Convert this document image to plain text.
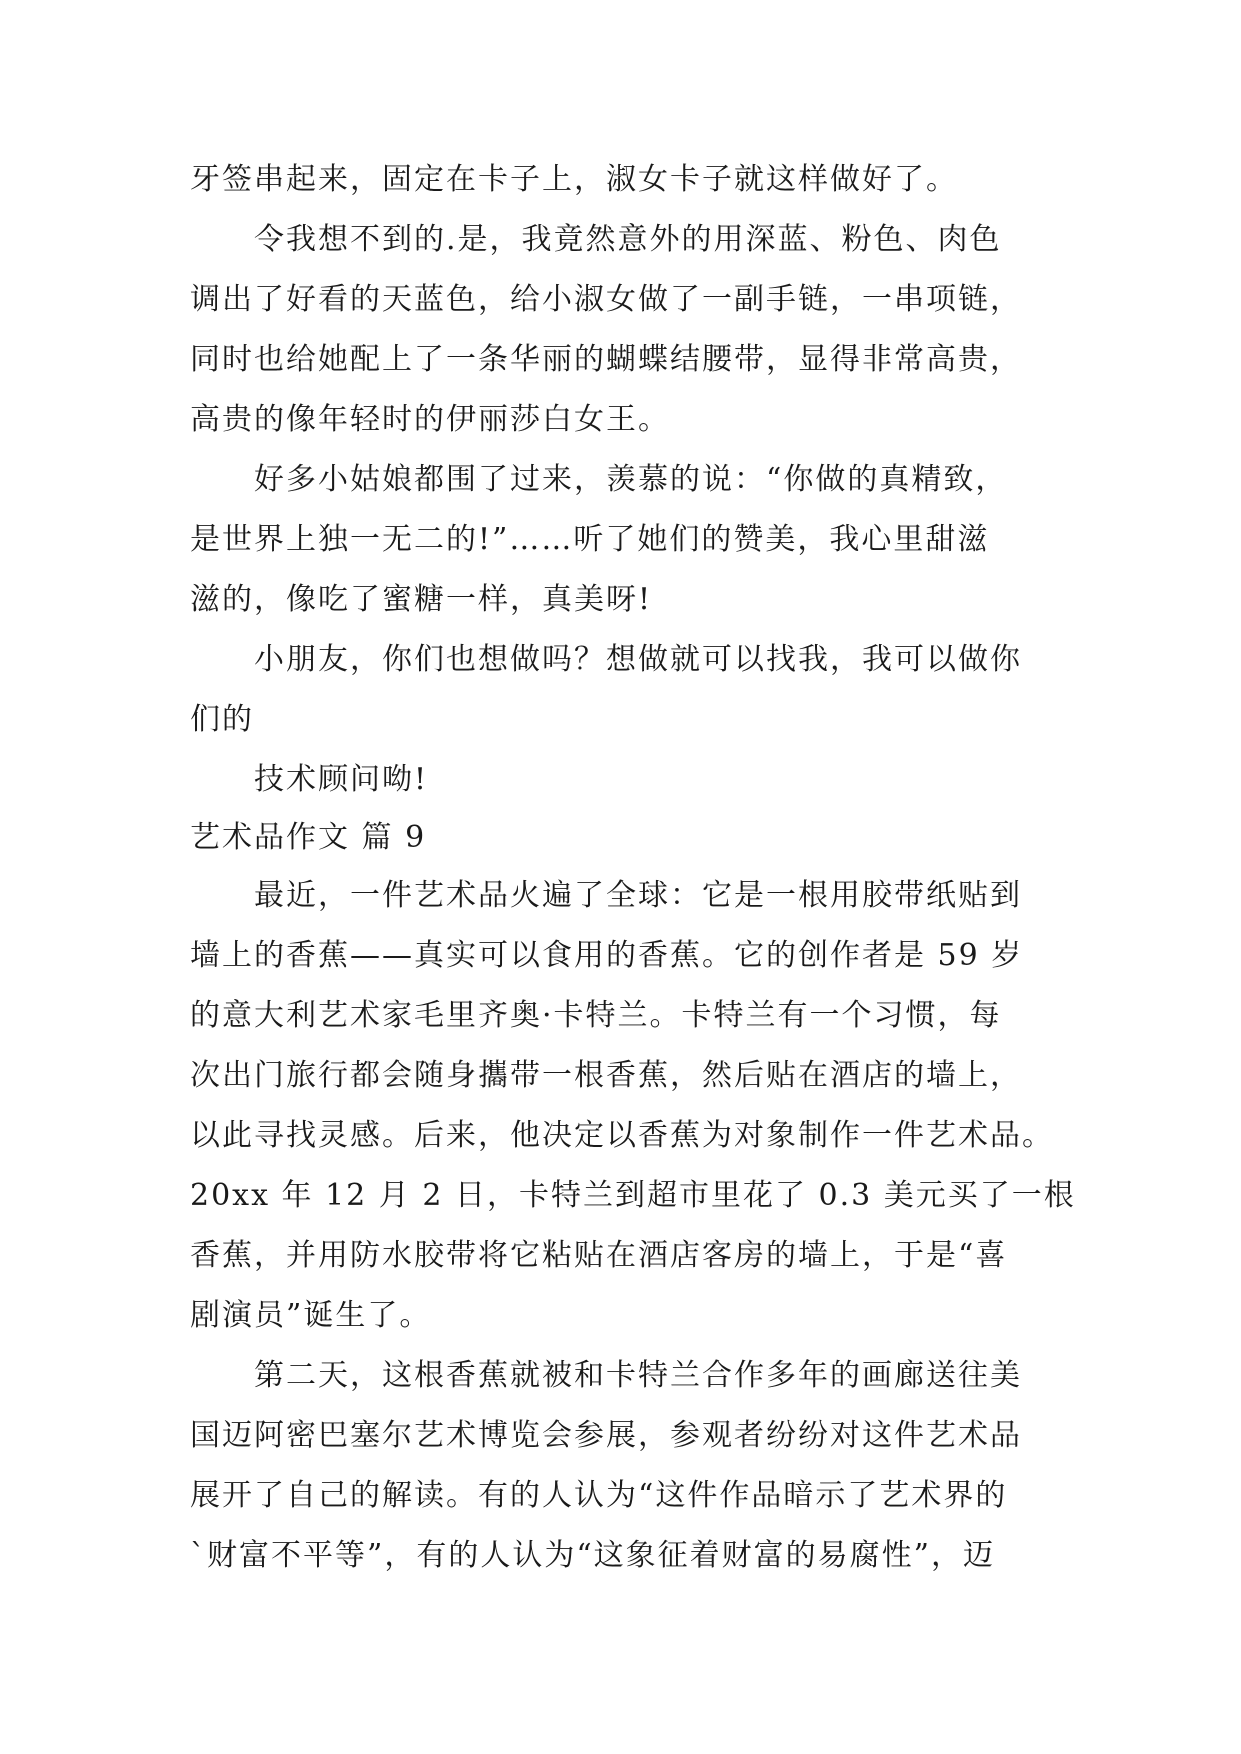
牙签串起来，固定在卡子上，淑女卡子就这样做好了。
令我想不到的.是，我竟然意外的用深蓝、粉色、肉色
调出了好看的天蓝色，给小淑女做了一副手链，一串项链，
同时也给她配上了一条华丽的蝴蝶结腰带，显得非常高贵，
高贵的像年轻时的伊丽莎白女王。
好多小姑娘都围了过来，羡慕的说：“你做的真精致，
是世界上独一无二的!”……听了她们的赞美，我心里甜滋
滋的，像吃了蜜糖一样，真美呀!
小朋友，你们也想做吗？想做就可以找我，我可以做你
们的
技术顾问呦!
艺术品作文 篇 9
最近，一件艺术品火遍了全球：它是一根用胶带纸贴到
墙上的香蕉——真实可以食用的香蕉。它的创作者是 59 岁
的意大利艺术家毛里齐奥·卡特兰。卡特兰有一个习惯，每
次出门旅行都会随身攜带一根香蕉，然后贴在酒店的墙上，
以此寻找灵感。后来，他决定以香蕉为对象制作一件艺术品。
20xx 年 12 月 2 日，卡特兰到超市里花了 0.3 美元买了一根
香蕉，并用防水胶带将它粘贴在酒店客房的墙上，于是“喜
剧演员”诞生了。
第二天，这根香蕉就被和卡特兰合作多年的画廊送往美
国迈阿密巴塞尔艺术博览会参展，参观者纷纷对这件艺术品
展开了自己的解读。有的人认为“这件作品暗示了艺术界的
`财富不平等”，有的人认为“这象征着财富的易腐性”，迈
